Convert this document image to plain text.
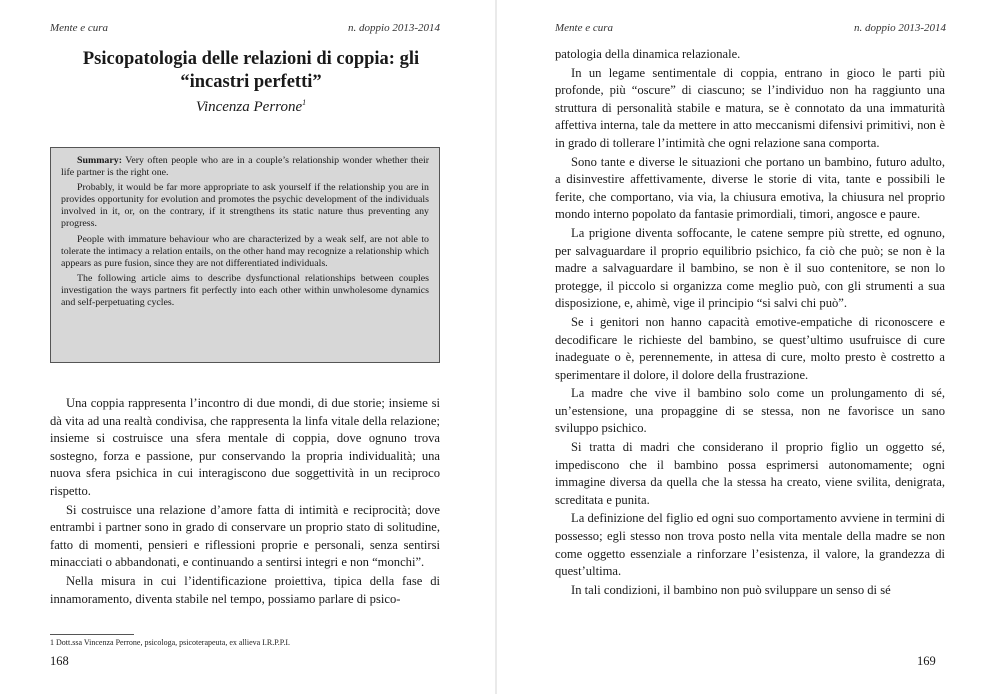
Mente e cura	n. doppio 2013-2014
Psicopatologia delle relazioni di coppia: gli “incastri perfetti”
Vincenza Perrone$^1$

Summary: Very often people who are in a couple’s relationship wonder whether their life partner is the right one.

Probably, it would be far more appropriate to ask yourself if the relationship you are in provides opportunity for evolution and promotes the psychic development of the individuals involved in it, or, on the contrary, if it strengthens its static nature thus preventing any progress.

People with immature behaviour who are characterized by a weak self, are not able to tolerate the intimacy a relation entails, on the other hand may recognize a relationship which appears as pure fusion, since they are not differentiated individuals.

The following article aims to describe dysfunctional relationships between couples investigation the ways partners fit perfectly into each other within unwholesome dynamics and self-perpetuating cycles.

Una coppia rappresenta l’incontro di due mondi, di due storie; insieme si dà vita ad una realtà condivisa, che rappresenta la linfa vitale della relazione; insieme si costruisce una sfera mentale di coppia, dove ognuno trova sostegno, forza e passione, pur conservando la propria individualità; una nuova sfera psichica in cui interagiscono due soggettività in un reciproco rispetto.

Si costruisce una relazione d’amore fatta di intimità e reciprocità; dove entrambi i partner sono in grado di conservare un proprio stato di solitudine, fatto di momenti, pensieri e riflessioni proprie e personali, senza sentirsi minacciati o abbandonati, e continuando a sentirsi integri e non “monchi”.

Nella misura in cui l’identificazione proiettiva, tipica della fase di innamoramento, diventa stabile nel tempo, possiamo parlare di psico-

1 Dott.ssa Vincenza Perrone, psicologa, psicoterapeuta, ex allieva I.R.P.P.I.
168
Mente e cura	n. doppio 2013-2014
169

patologia della dinamica relazionale.

In un legame sentimentale di coppia, entrano in gioco le parti più profonde, più “oscure” di ciascuno; se l’individuo non ha raggiunto una struttura di personalità stabile e matura, se è connotato da una immaturità affettiva interna, tale da mettere in atto meccanismi difensivi primitivi, non è in grado di tollerare l’intimità che ogni relazione sana comporta.

Sono tante e diverse le situazioni che portano un bambino, futuro adulto, a disinvestire affettivamente, diverse le storie di vita, tante e possibili le ferite, che comportano, via via, la chiusura emotiva, la chiusura nel proprio mondo interno popolato da fantasie primordiali, timori, angosce e paure.

La prigione diventa soffocante, le catene sempre più strette, ed ognuno, per salvaguardare il proprio equilibrio psichico, fa ciò che può; se non è la madre a salvaguardare il bambino, se non è il suo contenitore, se non lo protegge, il piccolo si organizza come meglio può, con gli strumenti a sua disposizione, e, ahimè, vige il principio “si salvi chi può”.

Se i genitori non hanno capacità emotive-empatiche di riconoscere e decodificare le richieste del bambino, se quest’ultimo usufruisce di cure inadeguate o è, perennemente, in attesa di cure, molto presto è costretto a sperimentare il dolore, il dolore della frustrazione.

La madre che vive il bambino solo come un prolungamento di sé, un’estensione, una propaggine di se stessa, non ne favorisce un sano sviluppo psichico.

Si tratta di madri che considerano il proprio figlio un oggetto sé, impediscono che il bambino possa esprimersi autonomamente; ogni immagine diversa da quella che la stessa ha creato, viene svilita, denigrata, screditata e punita.

La definizione del figlio ed ogni suo comportamento avviene in termini di possesso; egli stesso non trova posto nella vita mentale della madre se non come oggetto essenziale a rinforzare l’esistenza, il valore, la grandezza di quest’ultima.

In tali condizioni, il bambino non può sviluppare un senso di sé
